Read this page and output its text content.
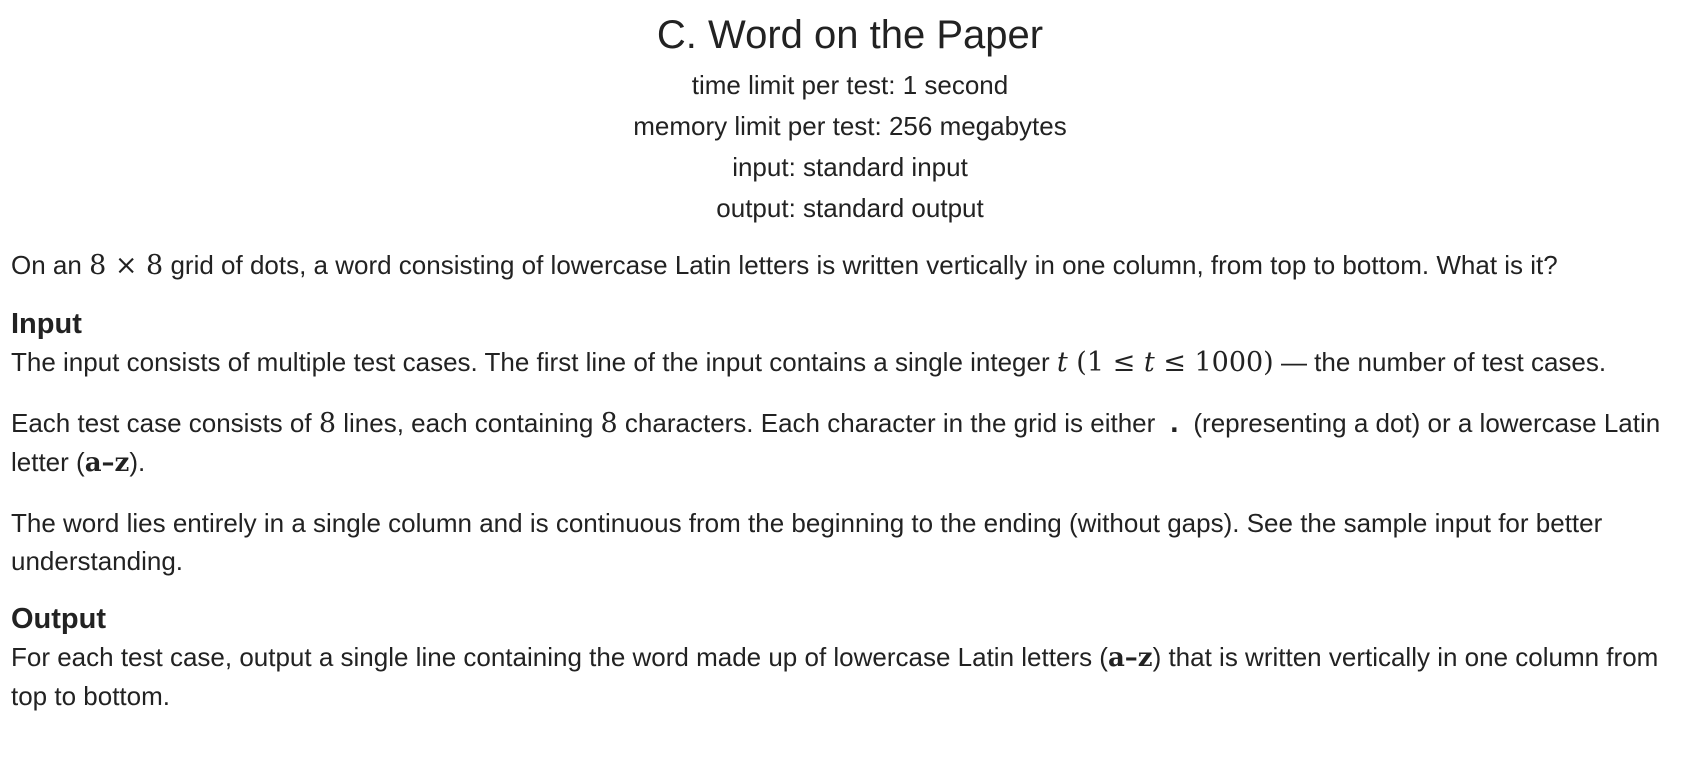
C. Word on the Paper
time limit per test: 1 second
memory limit per test: 256 megabytes
input: standard input
output: standard output

On an 8 × 8 grid of dots, a word consisting of lowercase Latin letters is written vertically in one column, from top to bottom. What is it?

Input

The input consists of multiple test cases. The first line of the input contains a single integer t (1 ≤ t ≤ 1000) — the number of test cases.

Each test case consists of 8 lines, each containing 8 characters. Each character in the grid is either . (representing a dot) or a lowercase Latin letter (a–z).

The word lies entirely in a single column and is continuous from the beginning to the ending (without gaps). See the sample input for better understanding.

Output

For each test case, output a single line containing the word made up of lowercase Latin letters (a–z) that is written vertically in one column from top to bottom.
